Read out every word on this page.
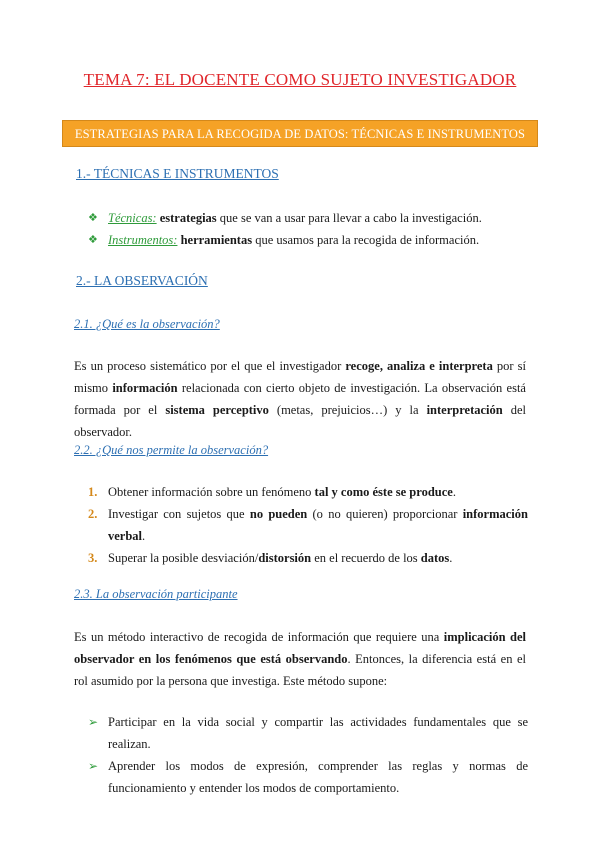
TEMA 7: EL DOCENTE COMO SUJETO INVESTIGADOR
ESTRATEGIAS PARA LA RECOGIDA DE DATOS: TÉCNICAS E INSTRUMENTOS
1.- TÉCNICAS E INSTRUMENTOS
❖ Técnicas: estrategias que se van a usar para llevar a cabo la investigación.
❖ Instrumentos: herramientas que usamos para la recogida de información.
2.- LA OBSERVACIÓN
2.1. ¿Qué es la observación?

Es un proceso sistemático por el que el investigador recoge, analiza e interpreta por sí mismo información relacionada con cierto objeto de investigación. La observación está formada por el sistema perceptivo (metas, prejuicios…) y la interpretación del observador.

2.2. ¿Qué nos permite la observación?
1. Obtener información sobre un fenómeno tal y como éste se produce.
2. Investigar con sujetos que no pueden (o no quieren) proporcionar información verbal.
3. Superar la posible desviación/distorsión en el recuerdo de los datos.
2.3. La observación participante

Es un método interactivo de recogida de información que requiere una implicación del observador en los fenómenos que está observando. Entonces, la diferencia está en el rol asumido por la persona que investiga. Este método supone:

➢ Participar en la vida social y compartir las actividades fundamentales que se realizan.
➢ Aprender los modos de expresión, comprender las reglas y normas de funcionamiento y entender los modos de comportamiento.
